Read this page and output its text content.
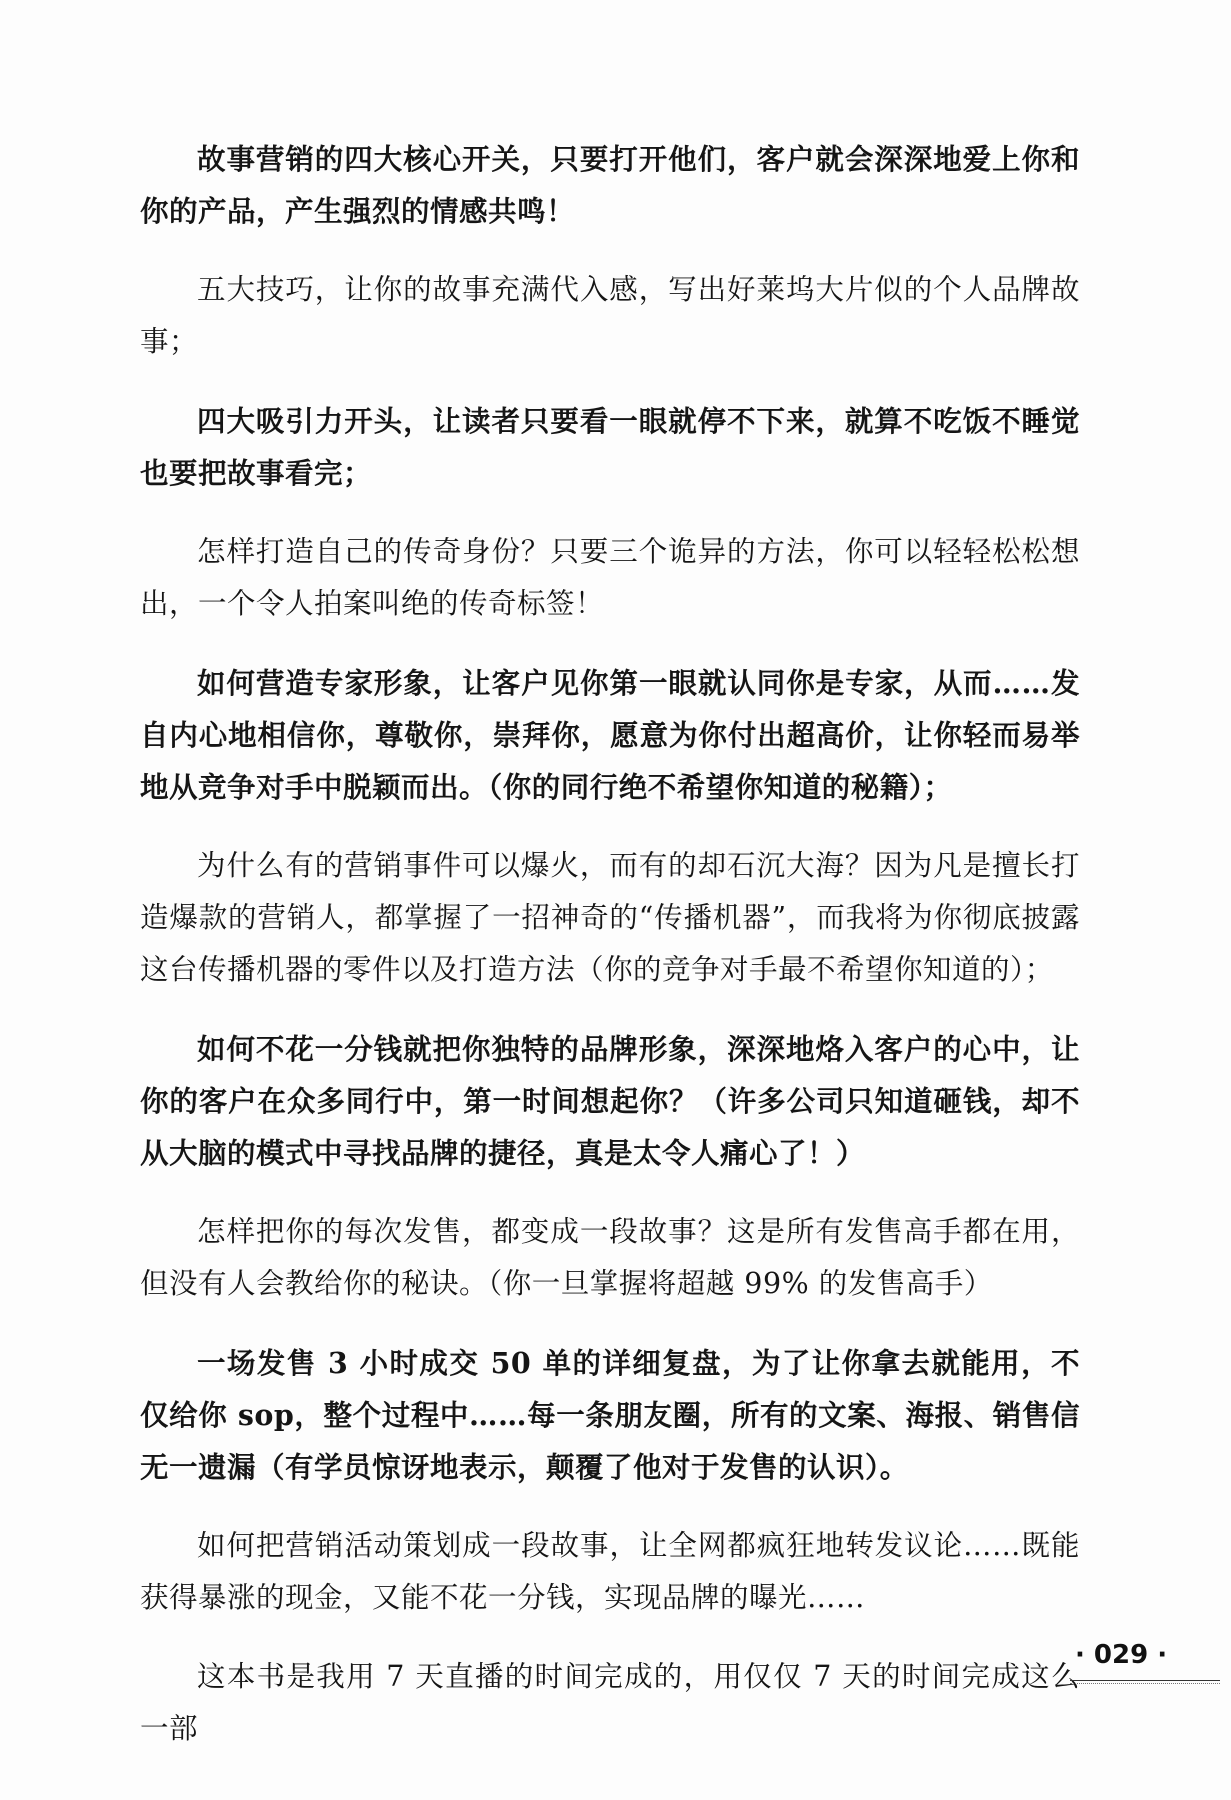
故事营销的四大核心开关，只要打开他们，客户就会深深地爱上你和你的产品，产生强烈的情感共鸣！

五大技巧，让你的故事充满代入感，写出好莱坞大片似的个人品牌故事；

四大吸引力开头，让读者只要看一眼就停不下来，就算不吃饭不睡觉也要把故事看完；

怎样打造自己的传奇身份？只要三个诡异的方法，你可以轻轻松松想出，一个令人拍案叫绝的传奇标签！

如何营造专家形象，让客户见你第一眼就认同你是专家，从而……发自内心地相信你，尊敬你，崇拜你，愿意为你付出超高价，让你轻而易举地从竞争对手中脱颖而出。（你的同行绝不希望你知道的秘籍）；

为什么有的营销事件可以爆火，而有的却石沉大海？因为凡是擅长打造爆款的营销人，都掌握了一招神奇的“传播机器”，而我将为你彻底披露这台传播机器的零件以及打造方法（你的竞争对手最不希望你知道的）；

如何不花一分钱就把你独特的品牌形象，深深地烙入客户的心中，让你的客户在众多同行中，第一时间想起你？（许多公司只知道砸钱，却不从大脑的模式中寻找品牌的捷径，真是太令人痛心了！）

怎样把你的每次发售，都变成一段故事？这是所有发售高手都在用，但没有人会教给你的秘诀。（你一旦掌握将超越 99% 的发售高手）

一场发售 3 小时成交 50 单的详细复盘，为了让你拿去就能用，不仅给你 sop，整个过程中……每一条朋友圈，所有的文案、海报、销售信无一遗漏（有学员惊讶地表示，颠覆了他对于发售的认识）。

如何把营销活动策划成一段故事，让全网都疯狂地转发议论……既能获得暴涨的现金，又能不花一分钱，实现品牌的曝光……

这本书是我用 7 天直播的时间完成的，用仅仅 7 天的时间完成这么一部

· 029 ·
